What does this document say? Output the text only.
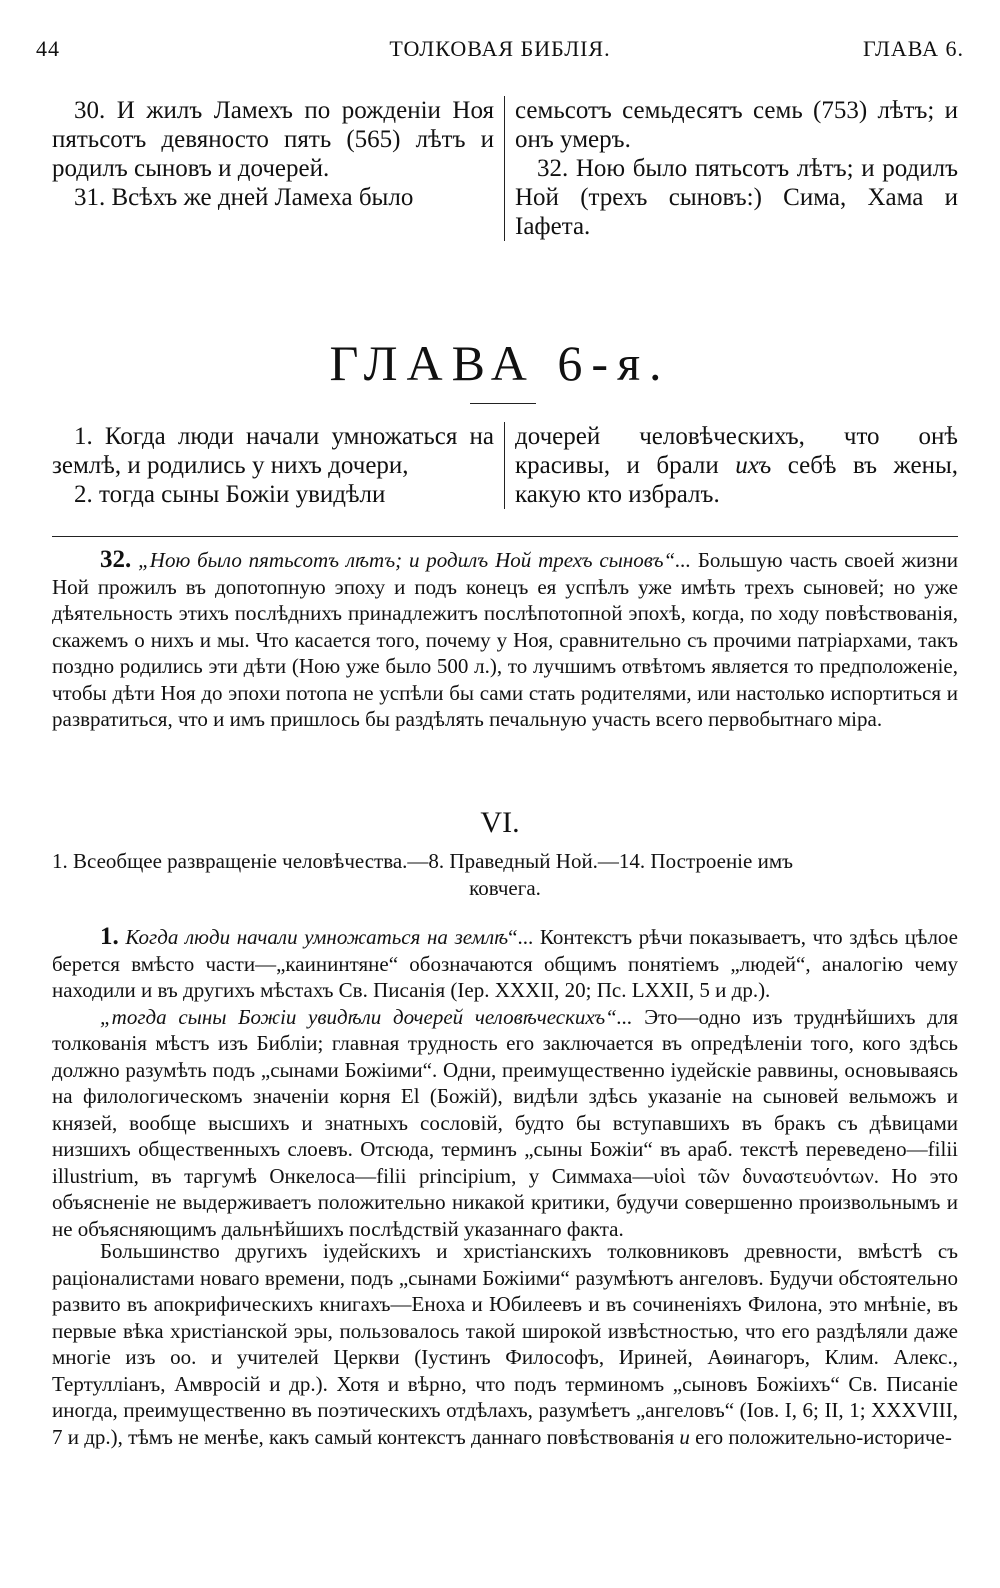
44	ТОЛКОВАЯ БИБЛІЯ.	ГЛАВА 6.

30. И жилъ Ламехъ по рожденіи Ноя пятьсотъ девяносто пять (565) лѣтъ и родилъ сыновъ и дочерей.

31. Всѣхъ же дней Ламеха было

семьсотъ семьдесятъ семь (753) лѣтъ; и онъ умеръ.

32. Ною было пятьсотъ лѣтъ; и родилъ Ной (трехъ сыновъ:) Сима, Хама и Іафета.

ГЛАВА 6-я.

1. Когда люди начали умножаться на землѣ, и родились у нихъ дочери,

2. тогда сыны Божіи увидѣли

дочерей человѣческихъ, что онѣ красивы, и брали ихъ себѣ въ жены, какую кто избралъ.

32. „Ною было пятьсотъ лѣтъ; и родилъ Ной трехъ сыновъ“... Большую часть своей жизни Ной прожилъ въ допотопную эпоху и подъ конецъ ея успѣлъ уже имѣть трехъ сыновей; но уже дѣятельность этихъ послѣднихъ принадлежитъ послѣпотопной эпохѣ, когда, по ходу повѣствованія, скажемъ о нихъ и мы. Что касается того, почему у Ноя, сравнительно съ прочими патріархами, такъ поздно родились эти дѣти (Ною уже было 500 л.), то лучшимъ отвѣтомъ является то предположеніе, чтобы дѣти Ноя до эпохи потопа не успѣли бы сами стать родителями, или настолько испортиться и развратиться, что и имъ пришлось бы раздѣлять печальную участь всего первобытнаго міра.

VI.
1. Всеобщее развращеніе человѣчества.—8. Праведный Ной.—14. Построеніе имъ
ковчега.

1. Когда люди начали умножаться на землѣ“... Контекстъ рѣчи показываетъ, что здѣсь цѣлое берется вмѣсто части—„каининтяне“ обозначаются общимъ понятіемъ „людей“, аналогію чему находили и въ другихъ мѣстахъ Св. Писанія (Іер. XXXII, 20; Пс. LXXII, 5 и др.).

„тогда сыны Божіи увидѣли дочерей человѣческихъ“... Это—одно изъ труднѣйшихъ для толкованія мѣстъ изъ Библіи; главная трудность его заключается въ опредѣленіи того, кого здѣсь должно разумѣть подъ „сынами Божіими“. Одни, преимущественно іудейскіе раввины, основываясь на филологическомъ значеніи корня El (Божій), видѣли здѣсь указаніе на сыновей вельможъ и князей, вообще высшихъ и знатныхъ сословій, будто бы вступавшихъ въ бракъ съ дѣвицами низшихъ общественныхъ слоевъ. Отсюда, терминъ „сыны Божіи“ въ араб. текстѣ переведено—filii illustrium, въ таргумѣ Онкелоса—filii principium, у Симмаха—υἱοὶ τῶν δυναστευόντων. Но это объясненіе не выдерживаетъ положительно никакой критики, будучи совершенно произвольнымъ и не объясняющимъ дальнѣйшихъ послѣдствій указаннаго факта.

Большинство другихъ іудейскихъ и христіанскихъ толковниковъ древности, вмѣстѣ съ раціоналистами новаго времени, подъ „сынами Божіими“ разумѣютъ ангеловъ. Будучи обстоятельно развито въ апокрифическихъ книгахъ—Еноха и Юбилеевъ и въ сочиненіяхъ Филона, это мнѣніе, въ первые вѣка христіанской эры, пользовалось такой широкой извѣстностью, что его раздѣляли даже многіе изъ оо. и учителей Церкви (Іустинъ Философъ, Ириней, Аѳинагоръ, Клим. Алекс., Тертулліанъ, Амвросій и др.). Хотя и вѣрно, что подъ терминомъ „сыновъ Божіихъ“ Св. Писаніе иногда, преимущественно въ поэтическихъ отдѣлахъ, разумѣетъ „ангеловъ“ (Іов. I, 6; II, 1; XXXVIII, 7 и др.), тѣмъ не менѣе, какъ самый контекстъ даннаго повѣствованія и его положительно-историче-
